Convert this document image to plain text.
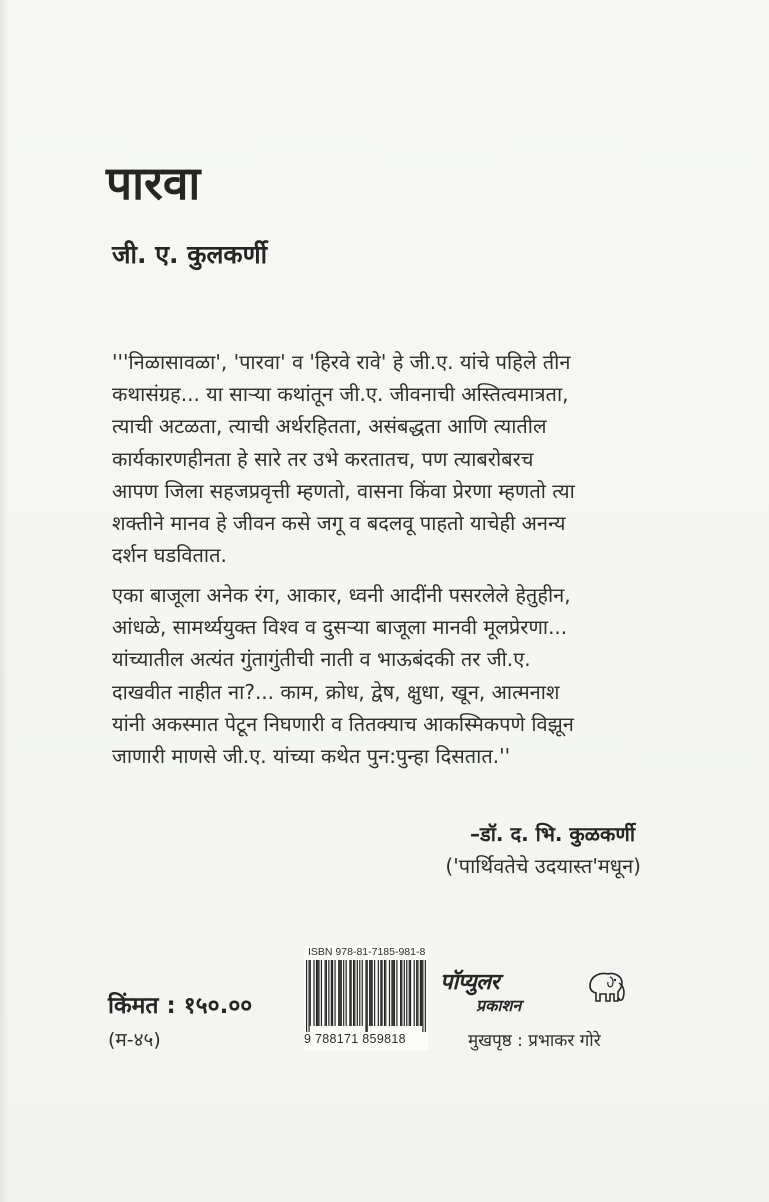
पारवा
जी. ए. कुलकर्णी

'''निळासावळा', 'पारवा' व 'हिरवे रावे' हे जी.ए. यांचे पहिले तीन

कथासंग्रह... या साऱ्या कथांतून जी.ए. जीवनाची अस्तित्वमात्रता,

त्याची अटळता, त्याची अर्थरहितता, असंबद्धता आणि त्यातील

कार्यकारणहीनता हे सारे तर उभे करतातच, पण त्याबरोबरच

आपण जिला सहजप्रवृत्ती म्हणतो, वासना किंवा प्रेरणा म्हणतो त्या

शक्तीने मानव हे जीवन कसे जगू व बदलवू पाहतो याचेही अनन्य

दर्शन घडवितात.

एका बाजूला अनेक रंग, आकार, ध्वनी आदींनी पसरलेले हेतुहीन,

आंधळे, सामर्थ्ययुक्त विश्व व दुसऱ्या बाजूला मानवी मूलप्रेरणा...

यांच्यातील अत्यंत गुंतागुंतीची नाती व भाऊबंदकी तर जी.ए.

दाखवीत नाहीत ना?... काम, क्रोध, द्वेष, क्षुधा, खून, आत्मनाश

यांनी अकस्मात पेटून निघणारी व तितक्याच आकस्मिकपणे विझून

जाणारी माणसे जी.ए. यांच्या कथेत पुन:पुन्हा दिसतात.''

–डॉ. द. भि. कुळकर्णी
('पार्थिवतेचे उदयास्त'मधून)
किंमत : १५०.००
(म-४५)
ISBN 978-81-7185-981-8
9 788171 859818
पॉप्युलर
प्रकाशन
मुखपृष्ठ : प्रभाकर गोरे
